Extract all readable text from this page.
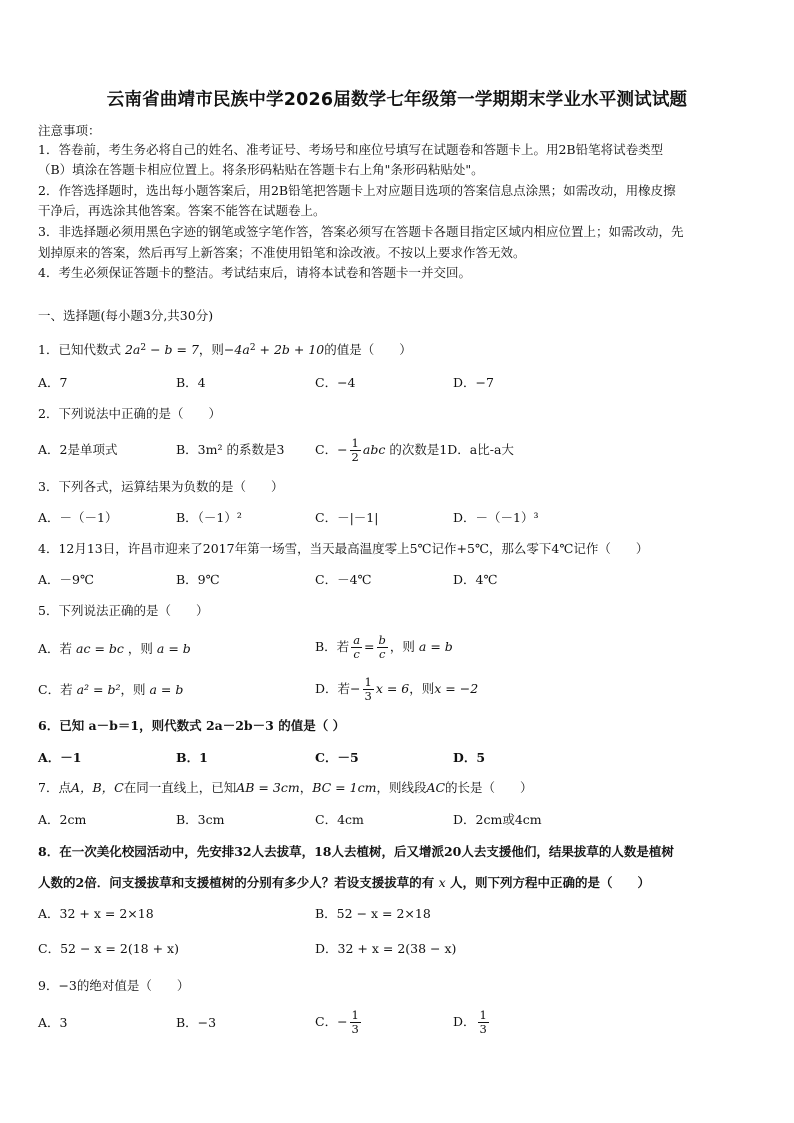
云南省曲靖市民族中学2026届数学七年级第一学期期末学业水平测试试题
注意事项：
1．答卷前，考生务必将自己的姓名、准考证号、考场号和座位号填写在试题卷和答题卡上。用2B铅笔将试卷类型
（B）填涂在答题卡相应位置上。将条形码粘贴在答题卡右上角"条形码粘贴处"。
2．作答选择题时，选出每小题答案后，用2B铅笔把答题卡上对应题目选项的答案信息点涂黑；如需改动，用橡皮擦
干净后，再选涂其他答案。答案不能答在试题卷上。
3．非选择题必须用黑色字迹的钢笔或签字笔作答，答案必须写在答题卡各题目指定区域内相应位置上；如需改动，先
划掉原来的答案，然后再写上新答案；不准使用铅笔和涂改液。不按以上要求作答无效。
4．考生必须保证答题卡的整洁。考试结束后，请将本试卷和答题卡一并交回。
一、选择题(每小题3分,共30分)
1．已知代数式 $2a^2 - b = 7$，则$-4a^2 + 2b + 10$的值是（　　）
A．7	B．4	C．−4	D．−7
2．下列说法中正确的是（　　）
A．2是单项式	B．3m² 的系数是3 C．− $\frac{1}{2}$ abc 的次数是1D．a比-a大
3．下列各式，运算结果为负数的是（　　）
A．－（－1）	B．（－1）²	C．－|－1|	D．－（－1）³
4．12月13日，许昌市迎来了2017年第一场雪，当天最高温度零上5℃记作+5℃，那么零下4℃记作（　　）
A．－9℃	B．9℃	C．－4℃	D．4℃
5．下列说法正确的是（　　）
A．若 ac = bc ，则 a = b	B．若 $\frac{a}{c} = \frac{b}{c}$ ，则 a = b
C．若 a² = b²，则 a = b	D．若− $\frac{1}{3}$ x = 6，则x = −2
6．已知 a－b＝1，则代数式 2a－2b－3 的值是（ ）
A．－1	B．1	C．－5	D．5
7．点A，B，C在同一直线上，已知AB = 3cm，BC = 1cm，则线段AC的长是（　　）
A．2cm	B．3cm	C．4cm	D．2cm或4cm
8．在一次美化校园活动中，先安排32人去拔草，18人去植树，后又增派20人去支援他们，结果拔草的人数是植树
人数的2倍．问支援拔草和支援植树的分别有多少人？若设支援拔草的有 x 人，则下列方程中正确的是（　　）
A．32 + x = 2×18	B．52 − x = 2×18
C．52 − x = 2(18 + x)	D．32 + x = 2(38 − x)
9．−3的绝对值是（　　）
A．3	B．−3	C．− $\frac{1}{3}$	D． $\frac{1}{3}$
